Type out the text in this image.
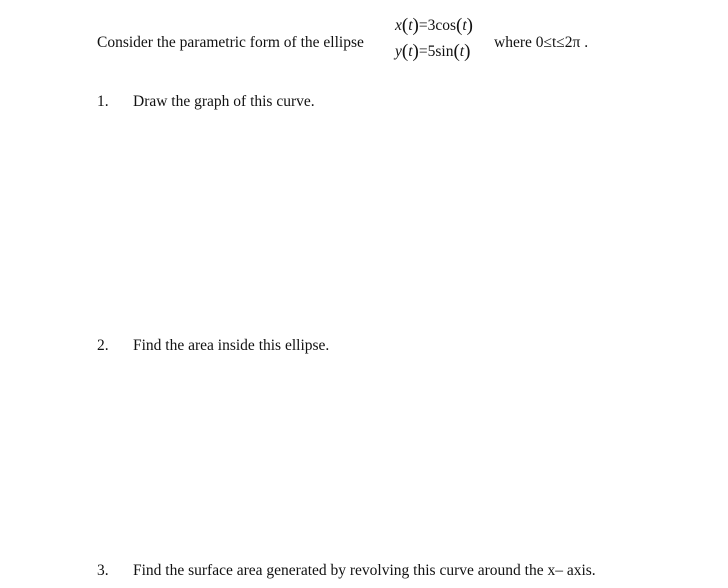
Consider the parametric form of the ellipse
x(t)=3cos(t)
y(t)=5sin(t) where 0≤t≤2π .
1. Draw the graph of this curve.
2. Find the area inside this ellipse.
3. Find the surface area generated by revolving this curve around the x– axis.
